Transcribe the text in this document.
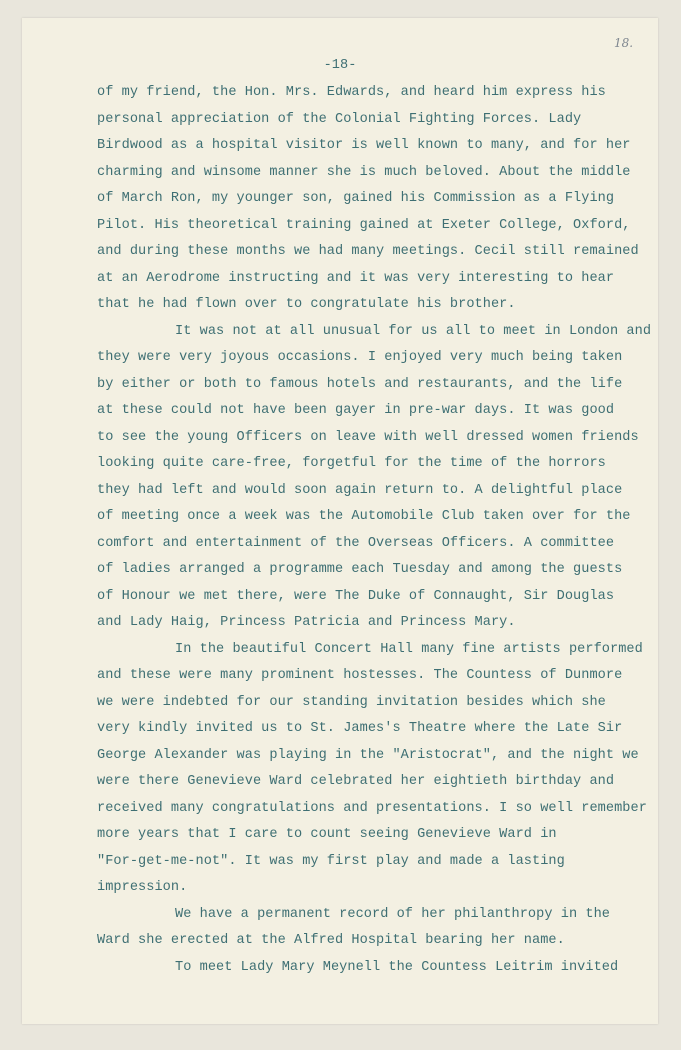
18.
-18-
of my friend, the Hon. Mrs. Edwards, and heard him express his
personal appreciation of the Colonial Fighting Forces. Lady
Birdwood as a hospital visitor is well known to many, and for her
charming and winsome manner she is much beloved. About the middle
of March Ron, my younger son, gained his Commission as a Flying
Pilot. His theoretical training gained at Exeter College, Oxford,
and during these months we had many meetings. Cecil still remained
at an Aerodrome instructing and it was very interesting to hear
that he had flown over to congratulate his brother.
It was not at all unusual for us all to meet in London and
they were very joyous occasions. I enjoyed very much being taken
by either or both to famous hotels and restaurants, and the life
at these could not have been gayer in pre-war days. It was good
to see the young Officers on leave with well dressed women friends
looking quite care-free, forgetful for the time of the horrors
they had left and would soon again return to. A delightful place
of meeting once a week was the Automobile Club taken over for the
comfort and entertainment of the Overseas Officers. A committee
of ladies arranged a programme each Tuesday and among the guests
of Honour we met there, were The Duke of Connaught, Sir Douglas
and Lady Haig, Princess Patricia and Princess Mary.
In the beautiful Concert Hall many fine artists performed
and these were many prominent hostesses. The Countess of Dunmore
we were indebted for our standing invitation besides which she
very kindly invited us to St. James's Theatre where the Late Sir
George Alexander was playing in the "Aristocrat", and the night we
were there Genevieve Ward celebrated her eightieth birthday and
received many congratulations and presentations. I so well remember
more years that I care to count seeing Genevieve Ward in
"For-get-me-not". It was my first play and made a lasting
impression.
We have a permanent record of her philanthropy in the
Ward she erected at the Alfred Hospital bearing her name.
To meet Lady Mary Meynell the Countess Leitrim invited
